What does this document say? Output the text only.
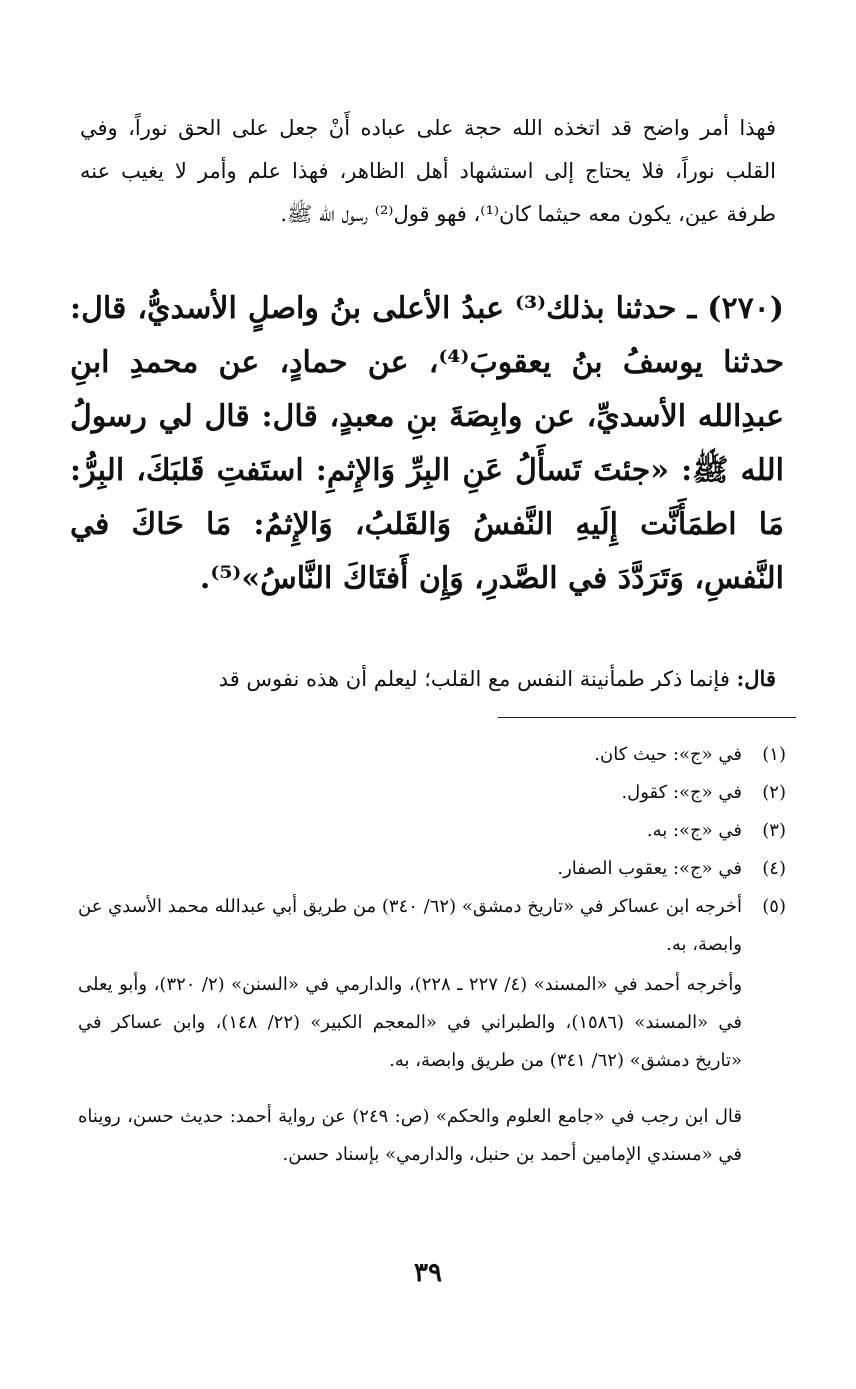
فهذا أمر واضح قد اتخذه الله حجة على عباده أَنْ جعل على الحق نوراً، وفي القلب نوراً، فلا يحتاج إلى استشهاد أهل الظاهر، فهذا علم وأمر لا يغيب عنه طرفة عين، يكون معه حيثما كان⁽¹⁾، فهو قول⁽²⁾ رسول الله ﷺ.

(٢٧٠) ـ حدثنا بذلك⁽³⁾ عبدُ الأعلى بنُ واصلٍ الأسديُّ، قال: حدثنا يوسفُ بنُ يعقوبَ⁽⁴⁾، عن حمادٍ، عن محمدِ ابنِ عبدِالله الأسديِّ، عن وابِصَةَ بنِ معبدٍ، قال: قال لي رسولُ الله ﷺ: «جئتَ تَسأَلُ عَنِ البِرِّ وَالإِثمِ: استَفتِ قَلبَكَ، البِرُّ: مَا اطمَأَنَّت إِلَيهِ النَّفسُ وَالقَلبُ، وَالإِثمُ: مَا حَاكَ في النَّفسِ، وَتَرَدَّدَ في الصَّدرِ، وَإِن أَفتَاكَ النَّاسُ»⁽⁵⁾.

قال: فإنما ذكر طمأنينة النفس مع القلب؛ ليعلم أن هذه نفوس قد

(١)
في «ج»: حيث كان.
(٢)
في «ج»: كقول.
(٣)
في «ج»: به.
(٤)
في «ج»: يعقوب الصفار.
(٥)
أخرجه ابن عساكر في «تاريخ دمشق» (٦٢/ ٣٤٠) من طريق أبي عبدالله محمد الأسدي عن وابصة، به.

وأخرجه أحمد في «المسند» (٤/ ٢٢٧ ـ ٢٢٨)، والدارمي في «السنن» (٢/ ٣٢٠)، وأبو يعلى في «المسند» (١٥٨٦)، والطبراني في «المعجم الكبير» (٢٢/ ١٤٨)، وابن عساكر في «تاريخ دمشق» (٦٢/ ٣٤١) من طريق وابصة، به.

قال ابن رجب في «جامع العلوم والحكم» (ص: ٢٤٩) عن رواية أحمد: حديث حسن، رويناه في «مسندي الإمامين أحمد بن حنبل، والدارمي» بإسناد حسن.

٣٩
